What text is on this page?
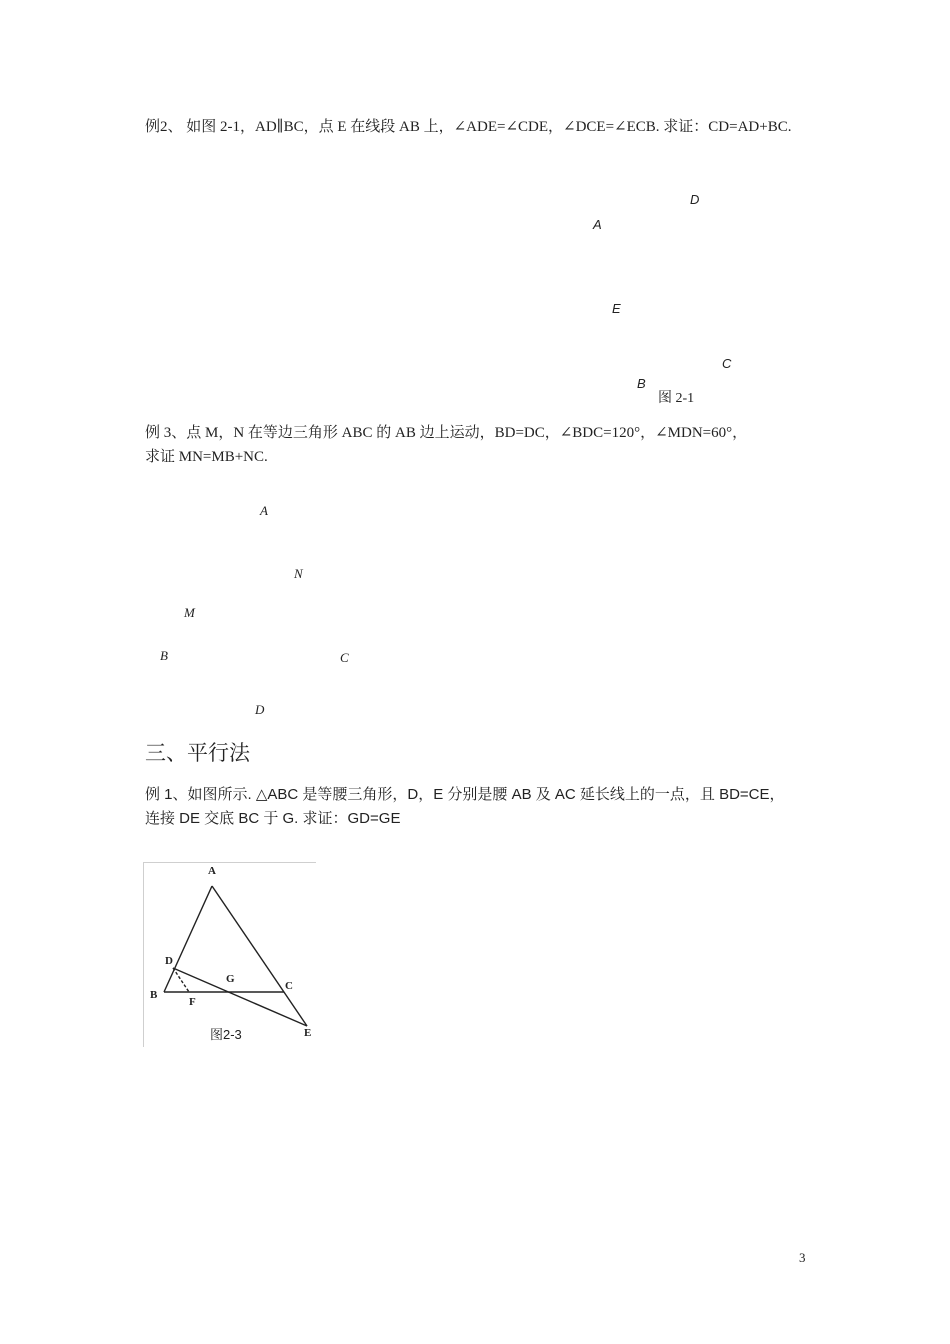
例2、 如图 2-1，AD∥BC，点 E 在线段 AB 上，∠ADE=∠CDE，∠DCE=∠ECB. 求证：CD=AD+BC.
D
A
E
C
B
图 2-1
例 3、点 M，N 在等边三角形 ABC 的 AB 边上运动，BD=DC，∠BDC=120°，∠MDN=60°，
求证 MN=MB+NC.
A
N
M
B	C
D
三、平行法
例 1、如图所示. △ABC 是等腰三角形，D，E 分别是腰 AB 及 AC 延长线上的一点，且 BD=CE，
连接 DE 交底 BC 于 G. 求证：GD=GE
A
D
G
C
B
F
E
图2-3
3
